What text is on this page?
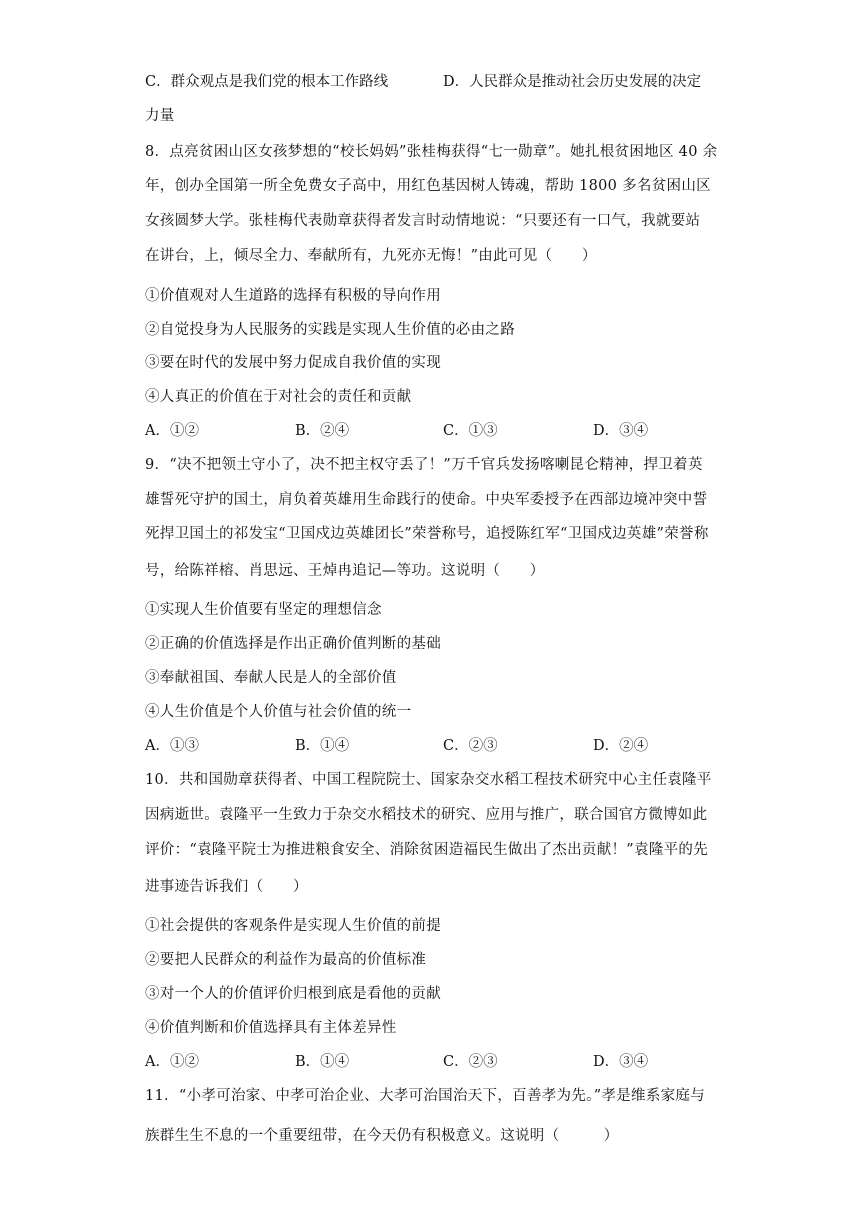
C．群众观点是我们党的根本工作路线	D．人民群众是推动社会历史发展的决定
力量
8．点亮贫困山区女孩梦想的“校长妈妈”张桂梅获得“七一勋章”。她扎根贫困地区 40 余
年，创办全国第一所全免费女子高中，用红色基因树人铸魂，帮助 1800 多名贫困山区
女孩圆梦大学。张桂梅代表勋章获得者发言时动情地说：“只要还有一口气，我就要站
在讲台，上，倾尽全力、奉献所有，九死亦无悔！”由此可见（　　）
①价值观对人生道路的选择有积极的导向作用
②自觉投身为人民服务的实践是实现人生价值的必由之路
③要在时代的发展中努力促成自我价值的实现
④人真正的价值在于对社会的责任和贡献
A．①②	B．②④	C．①③	D．③④
9．“决不把领土守小了，决不把主权守丢了！”万千官兵发扬喀喇昆仑精神，捍卫着英
雄誓死守护的国土，肩负着英雄用生命践行的使命。中央军委授予在西部边境冲突中誓
死捍卫国土的祁发宝“卫国戍边英雄团长”荣誉称号，追授陈红军“卫国戍边英雄”荣誉称
号，给陈祥榕、肖思远、王焯冉追记—等功。这说明（　　）
①实现人生价值要有坚定的理想信念
②正确的价值选择是作出正确价值判断的基础
③奉献祖国、奉献人民是人的全部价值
④人生价值是个人价值与社会价值的统一
A．①③	B．①④	C．②③	D．②④
10．共和国勋章获得者、中国工程院院士、国家杂交水稻工程技术研究中心主任袁隆平
因病逝世。袁隆平一生致力于杂交水稻技术的研究、应用与推广，联合国官方微博如此
评价：“袁隆平院士为推进粮食安全、消除贫困造福民生做出了杰出贡献！”袁隆平的先
进事迹告诉我们（　　）
①社会提供的客观条件是实现人生价值的前提
②要把人民群众的利益作为最高的价值标准
③对一个人的价值评价归根到底是看他的贡献
④价值判断和价值选择具有主体差异性
A．①②	B．①④	C．②③	D．③④
11．“小孝可治家、中孝可治企业、大孝可治国治天下，百善孝为先。”孝是维系家庭与
族群生生不息的一个重要纽带，在今天仍有积极意义。这说明（　　　）
